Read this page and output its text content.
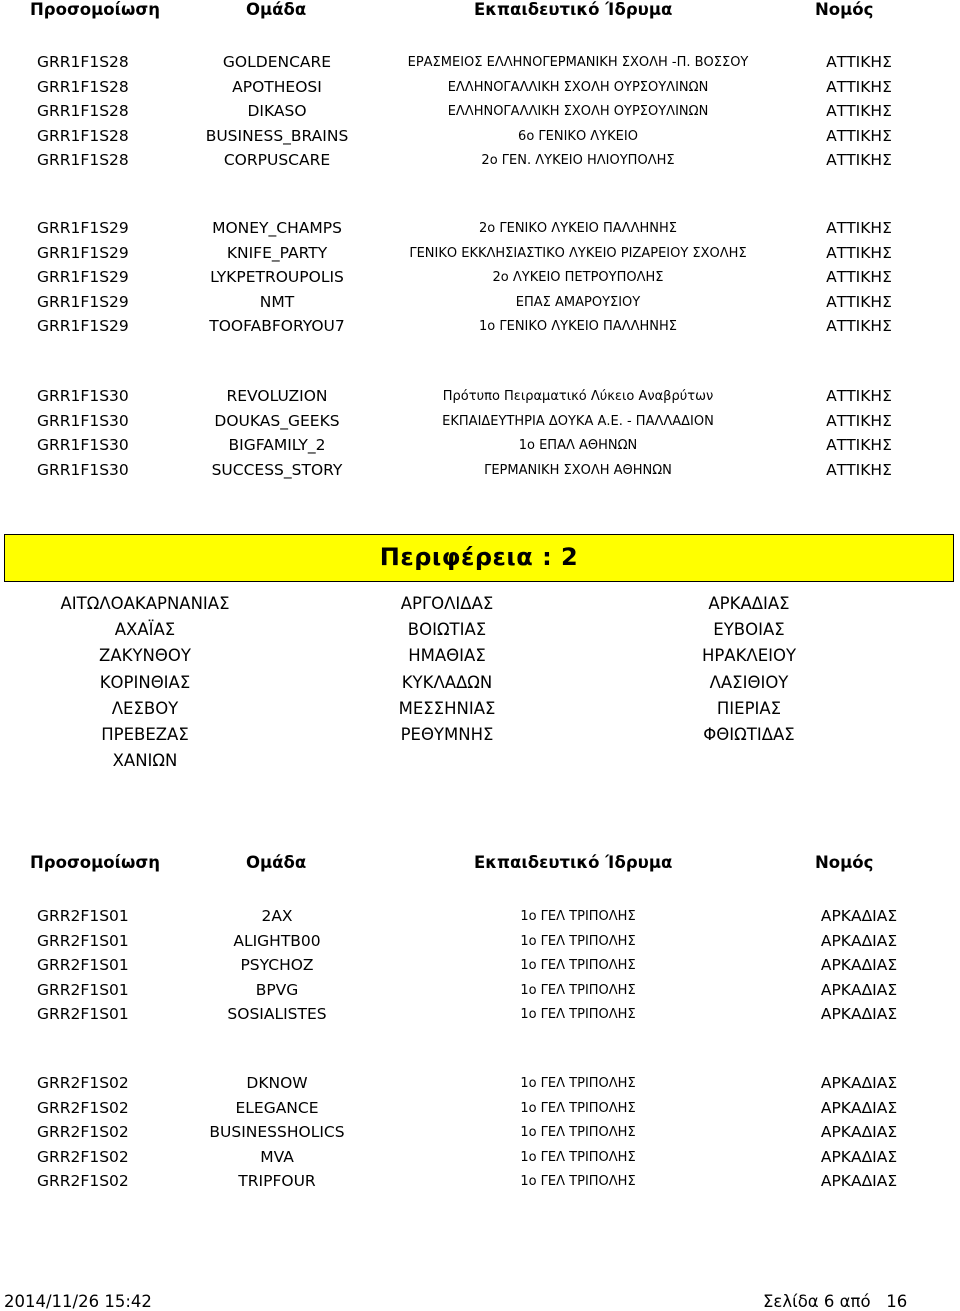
Προσομοίωση	Ομάδα	Εκπαιδευτικό Ίδρυμα	Νομός
GRR1F1S28	GOLDENCARE	ΕΡΑΣΜΕΙΟΣ ΕΛΛΗΝΟΓΕΡΜΑΝΙΚΗ ΣΧΟΛΗ -Π. ΒΟΣΣΟΥ	ΑΤΤΙΚΗΣ
GRR1F1S28	APOTHEOSI	ΕΛΛΗΝΟΓΑΛΛΙΚΗ ΣΧΟΛΗ ΟΥΡΣΟΥΛΙΝΩΝ	ΑΤΤΙΚΗΣ
GRR1F1S28	DIKASO	ΕΛΛΗΝΟΓΑΛΛΙΚΗ ΣΧΟΛΗ ΟΥΡΣΟΥΛΙΝΩΝ	ΑΤΤΙΚΗΣ
GRR1F1S28	BUSINESS_BRAINS	6ο ΓΕΝΙΚΟ ΛΥΚΕΙΟ	ΑΤΤΙΚΗΣ
GRR1F1S28	CORPUSCARE	2ο ΓΕΝ. ΛΥΚΕΙΟ ΗΛΙΟΥΠΟΛΗΣ	ΑΤΤΙΚΗΣ
GRR1F1S29	MONEY_CHAMPS	2ο ΓΕΝΙΚΟ ΛΥΚΕΙΟ ΠΑΛΛΗΝΗΣ	ΑΤΤΙΚΗΣ
GRR1F1S29	KNIFE_PARTY	ΓΕΝΙΚΟ ΕΚΚΛΗΣΙΑΣΤΙΚΟ ΛΥΚΕΙΟ ΡΙΖΑΡΕΙΟΥ ΣΧΟΛΗΣ	ΑΤΤΙΚΗΣ
GRR1F1S29	LYKPETROUPOLIS	2ο ΛΥΚΕΙΟ ΠΕΤΡΟΥΠΟΛΗΣ	ΑΤΤΙΚΗΣ
GRR1F1S29	NMT	ΕΠΑΣ ΑΜΑΡΟΥΣΙΟΥ	ΑΤΤΙΚΗΣ
GRR1F1S29	TOOFABFORYOU7	1ο ΓΕΝΙΚΟ ΛΥΚΕΙΟ ΠΑΛΛΗΝΗΣ	ΑΤΤΙΚΗΣ
GRR1F1S30	REVOLUZION	Πρότυπο Πειραματικό Λύκειο Αναβρύτων	ΑΤΤΙΚΗΣ
GRR1F1S30	DOUKAS_GEEKS	ΕΚΠΑΙΔΕΥΤΗΡΙΑ ΔΟΥΚΑ Α.Ε. - ΠΑΛΛΑΔΙΟΝ	ΑΤΤΙΚΗΣ
GRR1F1S30	BIGFAMILY_2	1ο ΕΠΑΛ ΑΘΗΝΩΝ	ΑΤΤΙΚΗΣ
GRR1F1S30	SUCCESS_STORY	ΓΕΡΜΑΝΙΚΗ ΣΧΟΛΗ ΑΘΗΝΩΝ	ΑΤΤΙΚΗΣ
Περιφέρεια : 2
ΑΙΤΩΛΟΑΚΑΡΝΑΝΙΑΣ	ΑΡΓΟΛΙΔΑΣ	ΑΡΚΑΔΙΑΣ
ΑΧΑΪΑΣ	ΒΟΙΩΤΙΑΣ	ΕΥΒΟΙΑΣ
ΖΑΚΥΝΘΟΥ	ΗΜΑΘΙΑΣ	ΗΡΑΚΛΕΙΟΥ
ΚΟΡΙΝΘΙΑΣ	ΚΥΚΛΑΔΩΝ	ΛΑΣΙΘΙΟΥ
ΛΕΣΒΟΥ	ΜΕΣΣΗΝΙΑΣ	ΠΙΕΡΙΑΣ
ΠΡΕΒΕΖΑΣ	ΡΕΘΥΜΝΗΣ	ΦΘΙΩΤΙΔΑΣ
ΧΑΝΙΩΝ
Προσομοίωση	Ομάδα	Εκπαιδευτικό Ίδρυμα	Νομός
GRR2F1S01	2AX	1ο ΓΕΛ ΤΡΙΠΟΛΗΣ	ΑΡΚΑΔΙΑΣ
GRR2F1S01	ALIGHTB00	1ο ΓΕΛ ΤΡΙΠΟΛΗΣ	ΑΡΚΑΔΙΑΣ
GRR2F1S01	PSYCHOZ	1ο ΓΕΛ ΤΡΙΠΟΛΗΣ	ΑΡΚΑΔΙΑΣ
GRR2F1S01	BPVG	1ο ΓΕΛ ΤΡΙΠΟΛΗΣ	ΑΡΚΑΔΙΑΣ
GRR2F1S01	SOSIALISTES	1ο ΓΕΛ ΤΡΙΠΟΛΗΣ	ΑΡΚΑΔΙΑΣ
GRR2F1S02	DKNOW	1ο ΓΕΛ ΤΡΙΠΟΛΗΣ	ΑΡΚΑΔΙΑΣ
GRR2F1S02	ELEGANCE	1ο ΓΕΛ ΤΡΙΠΟΛΗΣ	ΑΡΚΑΔΙΑΣ
GRR2F1S02	BUSINESSHOLICS	1ο ΓΕΛ ΤΡΙΠΟΛΗΣ	ΑΡΚΑΔΙΑΣ
GRR2F1S02	MVA	1ο ΓΕΛ ΤΡΙΠΟΛΗΣ	ΑΡΚΑΔΙΑΣ
GRR2F1S02	TRIPFOUR	1ο ΓΕΛ ΤΡΙΠΟΛΗΣ	ΑΡΚΑΔΙΑΣ
2014/11/26 15:42	Σελίδα 6 από   16
